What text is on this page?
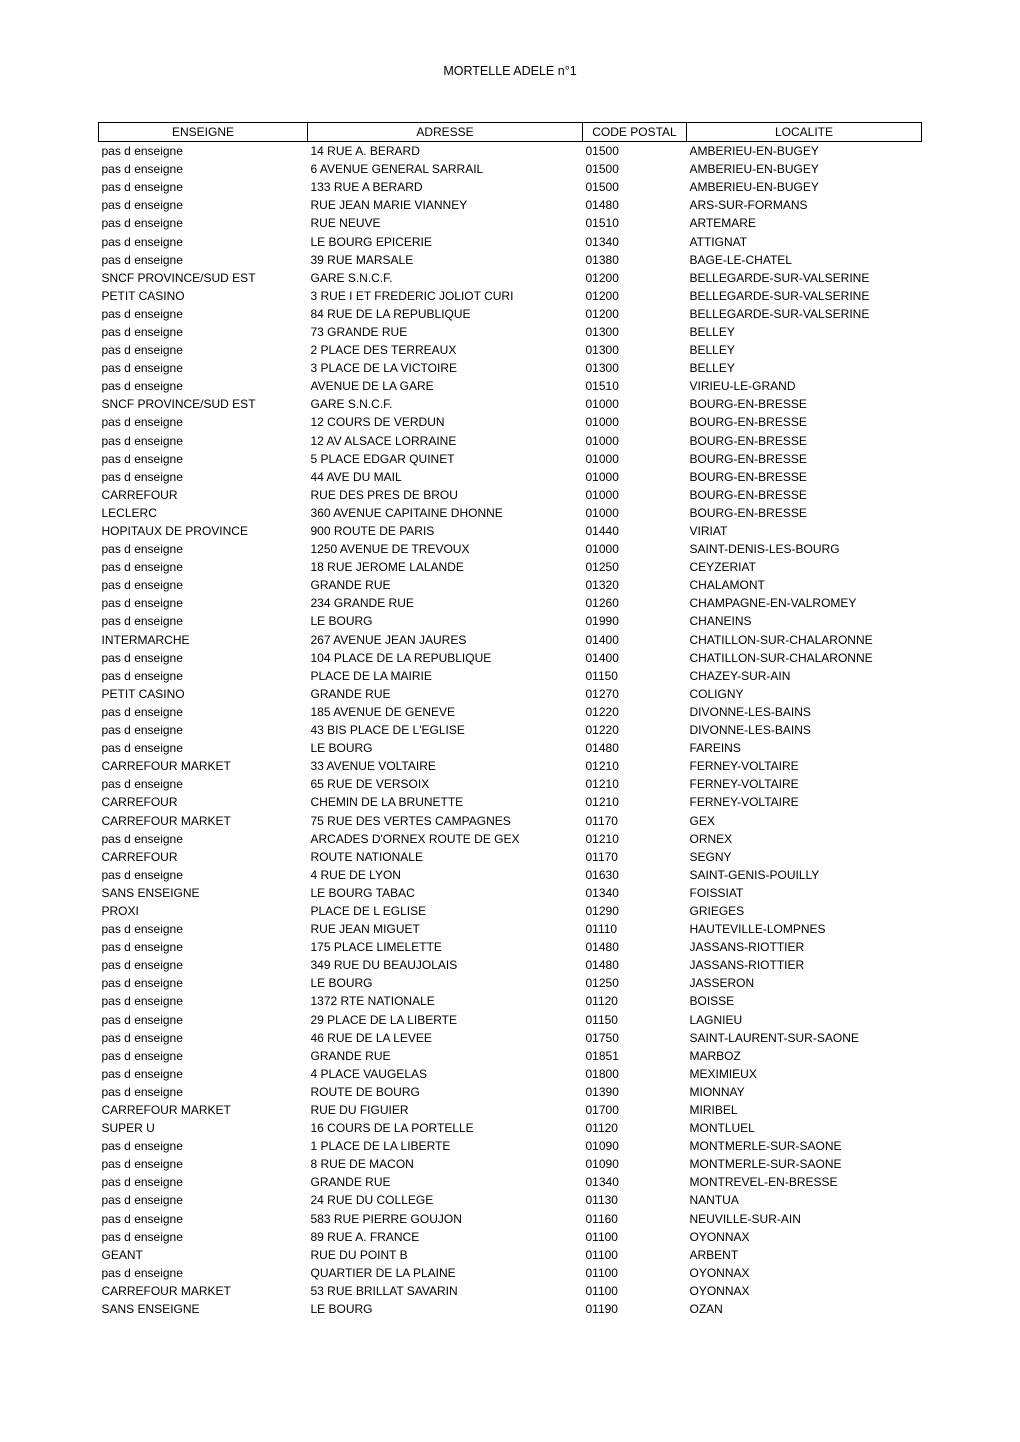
MORTELLE ADELE n°1
ENSEIGNE	ADRESSE	CODE POSTAL	LOCALITE
pas d enseigne	14 RUE A. BERARD	01500	AMBERIEU-EN-BUGEY
pas d enseigne	6 AVENUE GENERAL SARRAIL	01500	AMBERIEU-EN-BUGEY
pas d enseigne	133 RUE A BERARD	01500	AMBERIEU-EN-BUGEY
pas d enseigne	RUE JEAN MARIE VIANNEY	01480	ARS-SUR-FORMANS
pas d enseigne	RUE NEUVE	01510	ARTEMARE
pas d enseigne	LE BOURG EPICERIE	01340	ATTIGNAT
pas d enseigne	39 RUE MARSALE	01380	BAGE-LE-CHATEL
SNCF PROVINCE/SUD EST	GARE S.N.C.F.	01200	BELLEGARDE-SUR-VALSERINE
PETIT CASINO	3 RUE I ET FREDERIC JOLIOT CURI	01200	BELLEGARDE-SUR-VALSERINE
pas d enseigne	84 RUE DE LA REPUBLIQUE	01200	BELLEGARDE-SUR-VALSERINE
pas d enseigne	73 GRANDE RUE	01300	BELLEY
pas d enseigne	2 PLACE DES TERREAUX	01300	BELLEY
pas d enseigne	3 PLACE DE LA VICTOIRE	01300	BELLEY
pas d enseigne	AVENUE DE LA GARE	01510	VIRIEU-LE-GRAND
SNCF PROVINCE/SUD EST	GARE S.N.C.F.	01000	BOURG-EN-BRESSE
pas d enseigne	12 COURS DE VERDUN	01000	BOURG-EN-BRESSE
pas d enseigne	12 AV ALSACE LORRAINE	01000	BOURG-EN-BRESSE
pas d enseigne	5 PLACE EDGAR QUINET	01000	BOURG-EN-BRESSE
pas d enseigne	44 AVE DU MAIL	01000	BOURG-EN-BRESSE
CARREFOUR	RUE DES PRES DE BROU	01000	BOURG-EN-BRESSE
LECLERC	360 AVENUE CAPITAINE DHONNE	01000	BOURG-EN-BRESSE
HOPITAUX DE PROVINCE	900 ROUTE DE PARIS	01440	VIRIAT
pas d enseigne	1250 AVENUE DE TREVOUX	01000	SAINT-DENIS-LES-BOURG
pas d enseigne	18 RUE JEROME LALANDE	01250	CEYZERIAT
pas d enseigne	GRANDE RUE	01320	CHALAMONT
pas d enseigne	234 GRANDE RUE	01260	CHAMPAGNE-EN-VALROMEY
pas d enseigne	LE BOURG	01990	CHANEINS
INTERMARCHE	267 AVENUE JEAN JAURES	01400	CHATILLON-SUR-CHALARONNE
pas d enseigne	104 PLACE DE LA REPUBLIQUE	01400	CHATILLON-SUR-CHALARONNE
pas d enseigne	PLACE DE LA MAIRIE	01150	CHAZEY-SUR-AIN
PETIT CASINO	GRANDE RUE	01270	COLIGNY
pas d enseigne	185 AVENUE DE GENEVE	01220	DIVONNE-LES-BAINS
pas d enseigne	43 BIS PLACE DE L'EGLISE	01220	DIVONNE-LES-BAINS
pas d enseigne	LE BOURG	01480	FAREINS
CARREFOUR MARKET	33 AVENUE VOLTAIRE	01210	FERNEY-VOLTAIRE
pas d enseigne	65 RUE DE VERSOIX	01210	FERNEY-VOLTAIRE
CARREFOUR	CHEMIN DE LA BRUNETTE	01210	FERNEY-VOLTAIRE
CARREFOUR MARKET	75 RUE DES VERTES CAMPAGNES	01170	GEX
pas d enseigne	ARCADES D'ORNEX ROUTE DE GEX	01210	ORNEX
CARREFOUR	ROUTE NATIONALE	01170	SEGNY
pas d enseigne	4 RUE DE LYON	01630	SAINT-GENIS-POUILLY
SANS ENSEIGNE	LE BOURG TABAC	01340	FOISSIAT
PROXI	PLACE DE L EGLISE	01290	GRIEGES
pas d enseigne	RUE JEAN MIGUET	01110	HAUTEVILLE-LOMPNES
pas d enseigne	175 PLACE LIMELETTE	01480	JASSANS-RIOTTIER
pas d enseigne	349 RUE DU BEAUJOLAIS	01480	JASSANS-RIOTTIER
pas d enseigne	LE BOURG	01250	JASSERON
pas d enseigne	1372 RTE NATIONALE	01120	BOISSE
pas d enseigne	29 PLACE DE LA LIBERTE	01150	LAGNIEU
pas d enseigne	46 RUE DE LA LEVEE	01750	SAINT-LAURENT-SUR-SAONE
pas d enseigne	GRANDE RUE	01851	MARBOZ
pas d enseigne	4 PLACE VAUGELAS	01800	MEXIMIEUX
pas d enseigne	ROUTE DE BOURG	01390	MIONNAY
CARREFOUR MARKET	RUE DU FIGUIER	01700	MIRIBEL
SUPER U	16 COURS DE LA PORTELLE	01120	MONTLUEL
pas d enseigne	1 PLACE DE LA LIBERTE	01090	MONTMERLE-SUR-SAONE
pas d enseigne	8 RUE DE MACON	01090	MONTMERLE-SUR-SAONE
pas d enseigne	GRANDE RUE	01340	MONTREVEL-EN-BRESSE
pas d enseigne	24 RUE DU COLLEGE	01130	NANTUA
pas d enseigne	583 RUE PIERRE GOUJON	01160	NEUVILLE-SUR-AIN
pas d enseigne	89 RUE A. FRANCE	01100	OYONNAX
GEANT	RUE DU POINT B	01100	ARBENT
pas d enseigne	QUARTIER DE LA PLAINE	01100	OYONNAX
CARREFOUR MARKET	53 RUE BRILLAT SAVARIN	01100	OYONNAX
SANS ENSEIGNE	LE BOURG	01190	OZAN
